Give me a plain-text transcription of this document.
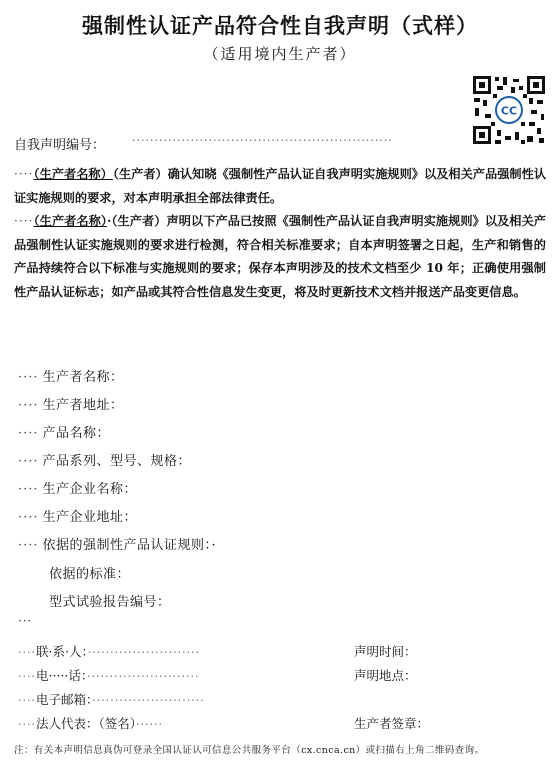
强制性认证产品符合性自我声明（式样）
（适用境内生产者）
CC
自我声明编号： ··························································
····（生产者名称）（生产者）确认知晓《强制性产品认证自我声明实施规则》以及相关产品强制性认证实施规则的要求，对本声明承担全部法律责任。
····（生产者名称）·（生产者）声明以下产品已按照《强制性产品认证自我声明实施规则》以及相关产品强制性认证实施规则的要求进行检测，符合相关标准要求；自本声明签署之日起，生产和销售的产品持续符合以下标准与实施规则的要求；保存本声明涉及的技术文档至少 10 年；正确使用强制性产品认证标志；如产品或其符合性信息发生变更，将及时更新技术文档并报送产品变更信息。
···· 生产者名称：
···· 生产者地址：
···· 产品名称：
···· 产品系列、型号、规格：
···· 生产企业名称：
···· 生产企业地址：
···· 依据的强制性产品认证规则：·
依据的标准：
型式试验报告编号：
···
····联·系·人：·························	声明时间：
····电·····话：·························	声明地点：
····电子邮箱：·························
····法人代表：（签名）······	生产者签章：
注：有关本声明信息真伪可登录全国认证认可信息公共服务平台（cx.cnca.cn）或扫描右上角二维码查询。
